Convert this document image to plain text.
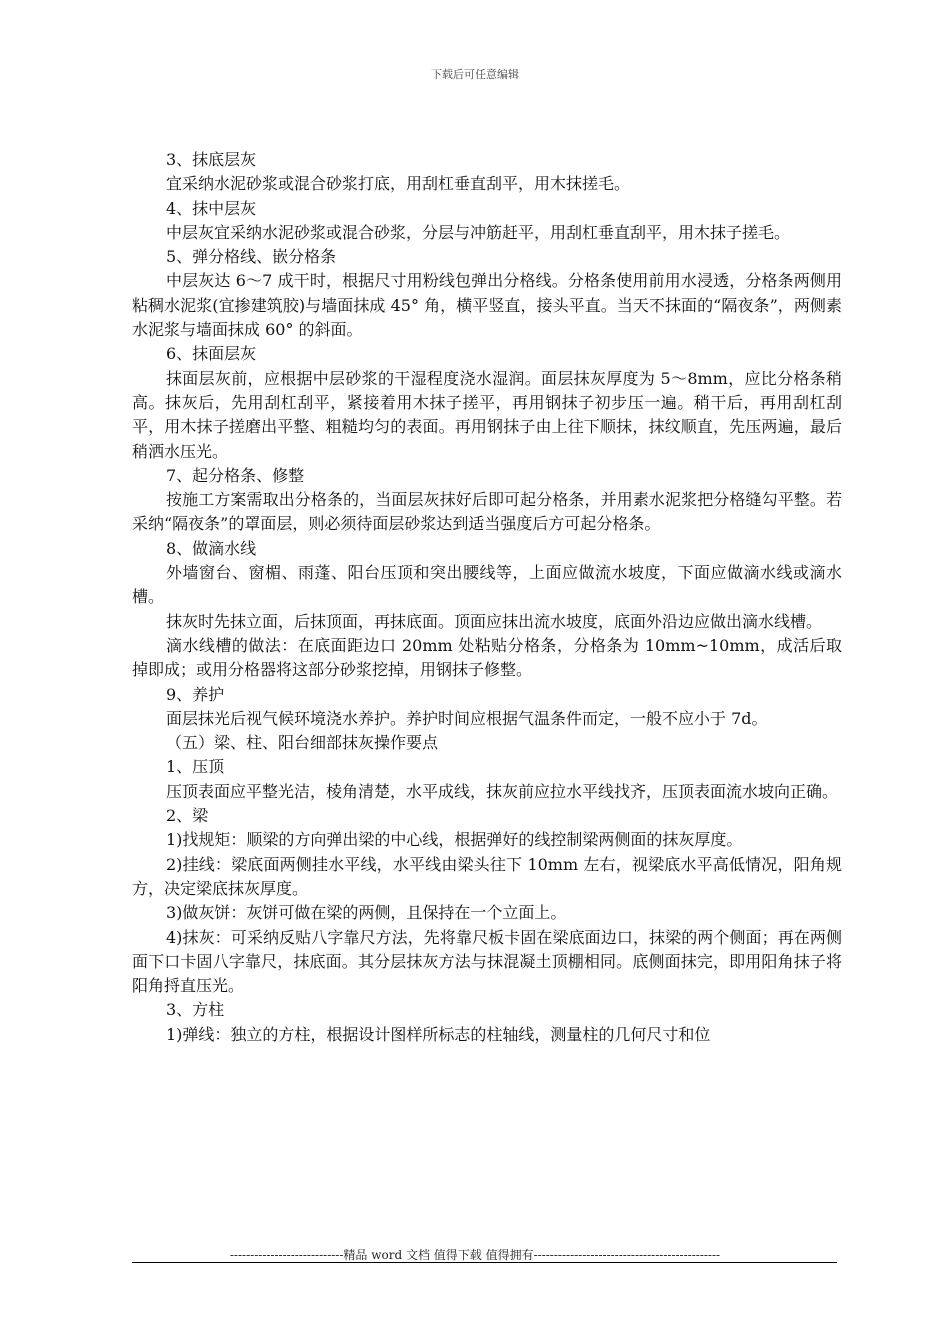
下载后可任意编辑

3、抹底层灰

宜采纳水泥砂浆或混合砂浆打底，用刮杠垂直刮平，用木抹搓毛。

4、抹中层灰

中层灰宜采纳水泥砂浆或混合砂浆，分层与冲筋赶平，用刮杠垂直刮平，用木抹子搓毛。

5、弹分格线、嵌分格条

中层灰达 6～7 成干时，根据尺寸用粉线包弹出分格线。分格条使用前用水浸透，分格条两侧用粘稠水泥浆(宜掺建筑胶)与墙面抹成 45° 角，横平竖直，接头平直。当天不抹面的“隔夜条”，两侧素水泥浆与墙面抹成 60° 的斜面。

6、抹面层灰

抹面层灰前，应根据中层砂浆的干湿程度浇水湿润。面层抹灰厚度为 5～8mm，应比分格条稍高。抹灰后，先用刮杠刮平，紧接着用木抹子搓平，再用钢抹子初步压一遍。稍干后，再用刮杠刮平，用木抹子搓磨出平整、粗糙均匀的表面。再用钢抹子由上往下顺抹，抹纹顺直，先压两遍，最后稍洒水压光。

7、起分格条、修整

按施工方案需取出分格条的，当面层灰抹好后即可起分格条，并用素水泥浆把分格缝勾平整。若采纳“隔夜条”的罩面层，则必须待面层砂浆达到适当强度后方可起分格条。

8、做滴水线

外墙窗台、窗楣、雨蓬、阳台压顶和突出腰线等，上面应做流水坡度，下面应做滴水线或滴水槽。

抹灰时先抹立面，后抹顶面，再抹底面。顶面应抹出流水坡度，底面外沿边应做出滴水线槽。

滴水线槽的做法：在底面距边口 20mm 处粘贴分格条，分格条为 10mm~10mm，成活后取掉即成；或用分格器将这部分砂浆挖掉，用钢抹子修整。

9、养护

面层抹光后视气候环境浇水养护。养护时间应根据气温条件而定，一般不应小于 7d。

（五）梁、柱、阳台细部抹灰操作要点

1、压顶

压顶表面应平整光洁，棱角清楚，水平成线，抹灰前应拉水平线找齐，压顶表面流水坡向正确。

2、梁

1)找规矩：顺梁的方向弹出梁的中心线，根据弹好的线控制梁两侧面的抹灰厚度。

2)挂线：梁底面两侧挂水平线，水平线由梁头往下 10mm 左右，视梁底水平高低情况，阳角规方，决定梁底抹灰厚度。

3)做灰饼：灰饼可做在梁的两侧，且保持在一个立面上。

4)抹灰：可采纳反贴八字靠尺方法，先将靠尺板卡固在梁底面边口，抹梁的两个侧面；再在两侧面下口卡固八字靠尺，抹底面。其分层抹灰方法与抹混凝土顶棚相同。底侧面抹完，即用阳角抹子将阳角捋直压光。

3、方柱

1)弹线：独立的方柱，根据设计图样所标志的柱轴线，测量柱的几何尺寸和位

----------------------------精品 word 文档 值得下载 值得拥有----------------------------------------------
